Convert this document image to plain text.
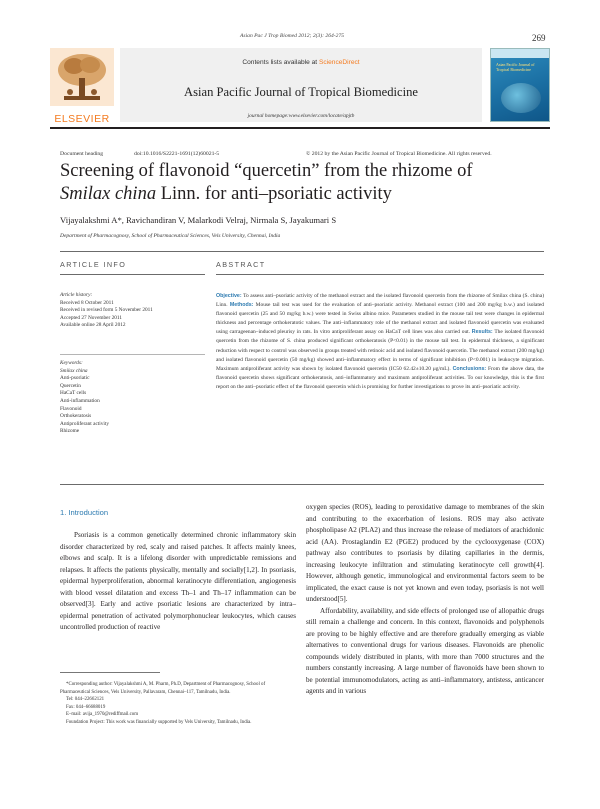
Asian Pac J Trop Biomed 2012; 2(3): 264-275	269
ELSEVIER
Contents lists available at ScienceDirect
Asian Pacific Journal of Tropical Biomedicine
journal homepage:www.elsevier.com/locate/apjtb
Asian Pacific Journal of Tropical Biomedicine
Document heading	doi:10.1016/S2221-1691(12)60021-5	© 2012 by the Asian Pacific Journal of Tropical Biomedicine. All rights reserved.
Screening of flavonoid “quercetin” from the rhizome of Smilax china Linn. for anti–psoriatic activity
Vijayalakshmi A*, Ravichandiran V, Malarkodi Velraj, Nirmala S, Jayakumari S
Department of Pharmacognosy, School of Pharmaceutical Sciences, Vels University, Chennai, India
ARTICLE INFO	ABSTRACT
Article history:
Received 8 October 2011
Received in revised form 5 November 2011
Accepted 27 November 2011
Available online 28 April 2012
Keywords:
Smilax china
Anti-psoriatic
Quercetin
HaCaT cells
Anti-inflammation
Flavonoid
Orthokeratosis
Antiproliferant activity
Rhizome
Objective: To assess anti–psoriatic activity of the methanol extract and the isolated flavonoid quercetin from the rhizome of Smilax china (S. china) Linn. Methods: Mouse tail test was used for the evaluation of anti–psoriatic activity. Methanol extract (100 and 200 mg/kg b.w.) and isolated flavonoid quercetin (25 and 50 mg/kg b.w.) were tested in Swiss albino mice. Parameters studied in the mouse tail test were changes in epidermal thickness and percentage orthokeratotic values. The anti–inflammatory role of the methanol extract and isolated flavonoid quercetin was evaluated using carrageenan–induced pleurisy in rats. In vitro antiproliferant assay on HaCaT cell lines was also carried out. Results: The isolated flavonoid quercetin from the rhizome of S. china produced significant orthokeratosis (P<0.01) in the mouse tail test. In epidermal thickness, a significant reduction with respect to control was observed in groups treated with retinoic acid and isolated flavonoid quercetin. The methanol extract (200 mg/kg) and isolated flavonoid quercetin (50 mg/kg) showed anti–inflammatory effect in terms of significant inhibition (P<0.001) in leukocyte migration. Maximum antiproliferant activity was shown by isolated flavonoid quercetin (IC50 62.42±10.20 μg/mL). Conclusions: From the above data, the flavonoid quercetin shows significant orthokeratosis, anti–inflammatory and maximum antiproliferant activities. To our knowledge, this is the first report on the anti–psoriatic effect of the flavonoid quercetin which is promising for further investigations to prove its anti–psoriatic activity.
1. Introduction
Psoriasis is a common genetically determined chronic inflammatory skin disorder characterized by red, scaly and raised patches. It affects mainly knees, elbows and scalp. It is a lifelong disorder with unpredictable remissions and relapses. It affects the patients physically, mentally and socially[1,2]. In psoriasis, epidermal hyperproliferation, abnormal keratinocyte differentiation, angiogenesis with blood vessel dilatation and excess Th–1 and Th–17 inflammation can be observed[3]. Early and active psoriatic lesions are characterized by intra–epidermal penetration of activated polymorphonuclear leukocytes, which causes uncontrolled production of reactive

oxygen species (ROS), leading to peroxidative damage to membranes of the skin and contributing to the exacerbation of lesions. ROS may also activate phospholipase A2 (PLA2) and thus increase the release of mediators of arachidonic acid (AA). Prostaglandin E2 (PGE2) produced by the cyclooxygenase (COX) pathway also contributes to psoriasis by dilating capillaries in the dermis, increasing leukocyte infiltration and stimulating keratinocyte cell growth[4]. However, although genetic, immunological and environmental factors seem to be implicated, the exact cause is not yet known and even today, psoriasis is not well understood[5].

Affordability, availability, and side effects of prolonged use of allopathic drugs still remain a challenge and concern. In this context, flavonoids and polyphenols are proving to be highly effective and are therefore gradually emerging as viable alternatives to conventional drugs for various diseases. Flavonoids are phenolic compounds widely distributed in plants, with more than 7000 structures and the numbers constantly increasing. A large number of flavonoids have been shown to be potential immunomodulators, acting as anti–inflammatory, antistess, anticancer agents and in various

*Corresponding author: Vijayalakshmi A, M. Pharm, Ph.D, Department of Pharmacognosy, School of Pharmaceutical Sciences, Vels University, Pallavaram, Chennai–117, Tamilnadu, India.

Tel: 044–22662121

Fax: 044–66688019

E–mail: avija_1970@rediffmail.com

Foundation Project: This work was financially supported by Vels University, Tamilnadu, India.
